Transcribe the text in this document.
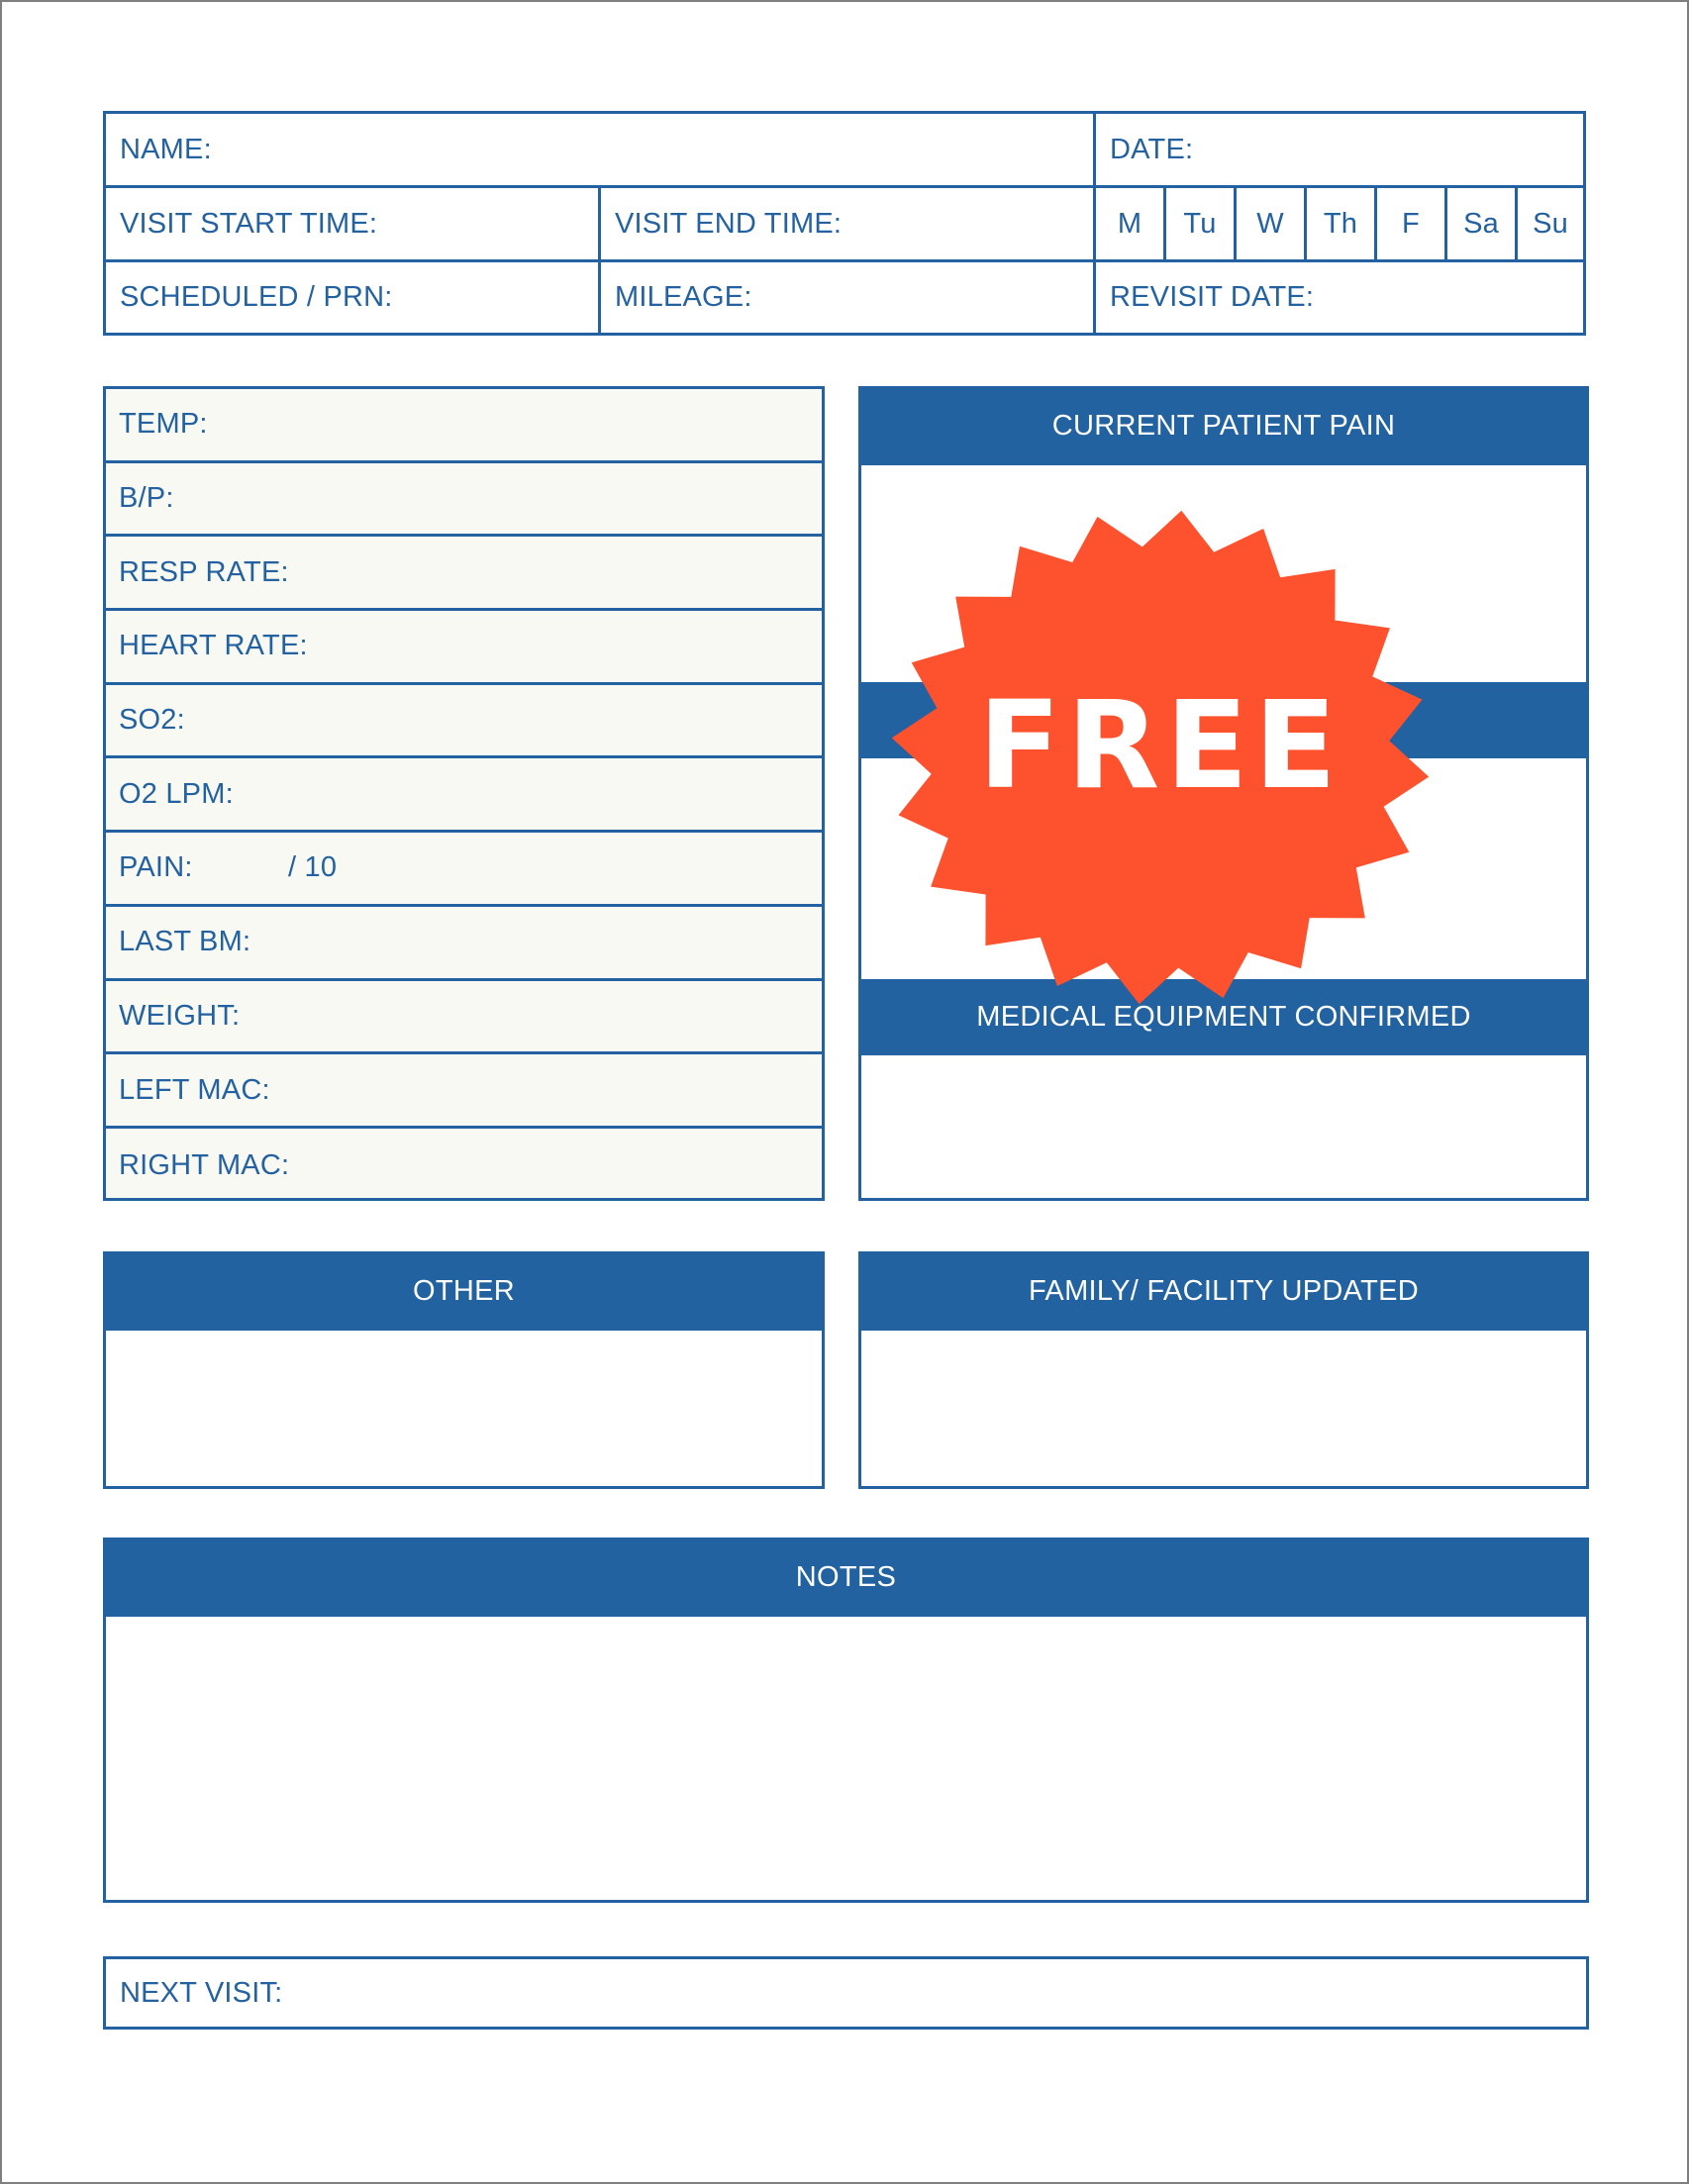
NAME:	DATE:
VISIT START TIME:	VISIT END TIME:	M Tu W Th F Sa Su
SCHEDULED / PRN:	MILEAGE:	REVISIT DATE:
TEMP:
B/P:
RESP RATE:
HEART RATE:
SO2:
O2 LPM:
PAIN:	/ 10
LAST BM:
WEIGHT:
LEFT MAC:
RIGHT MAC:
CURRENT PATIENT PAIN
MEDICAL EQUIPMENT CONFIRMED
OTHER	FAMILY/ FACILITY UPDATED
NOTES
NEXT VISIT:
FREE
